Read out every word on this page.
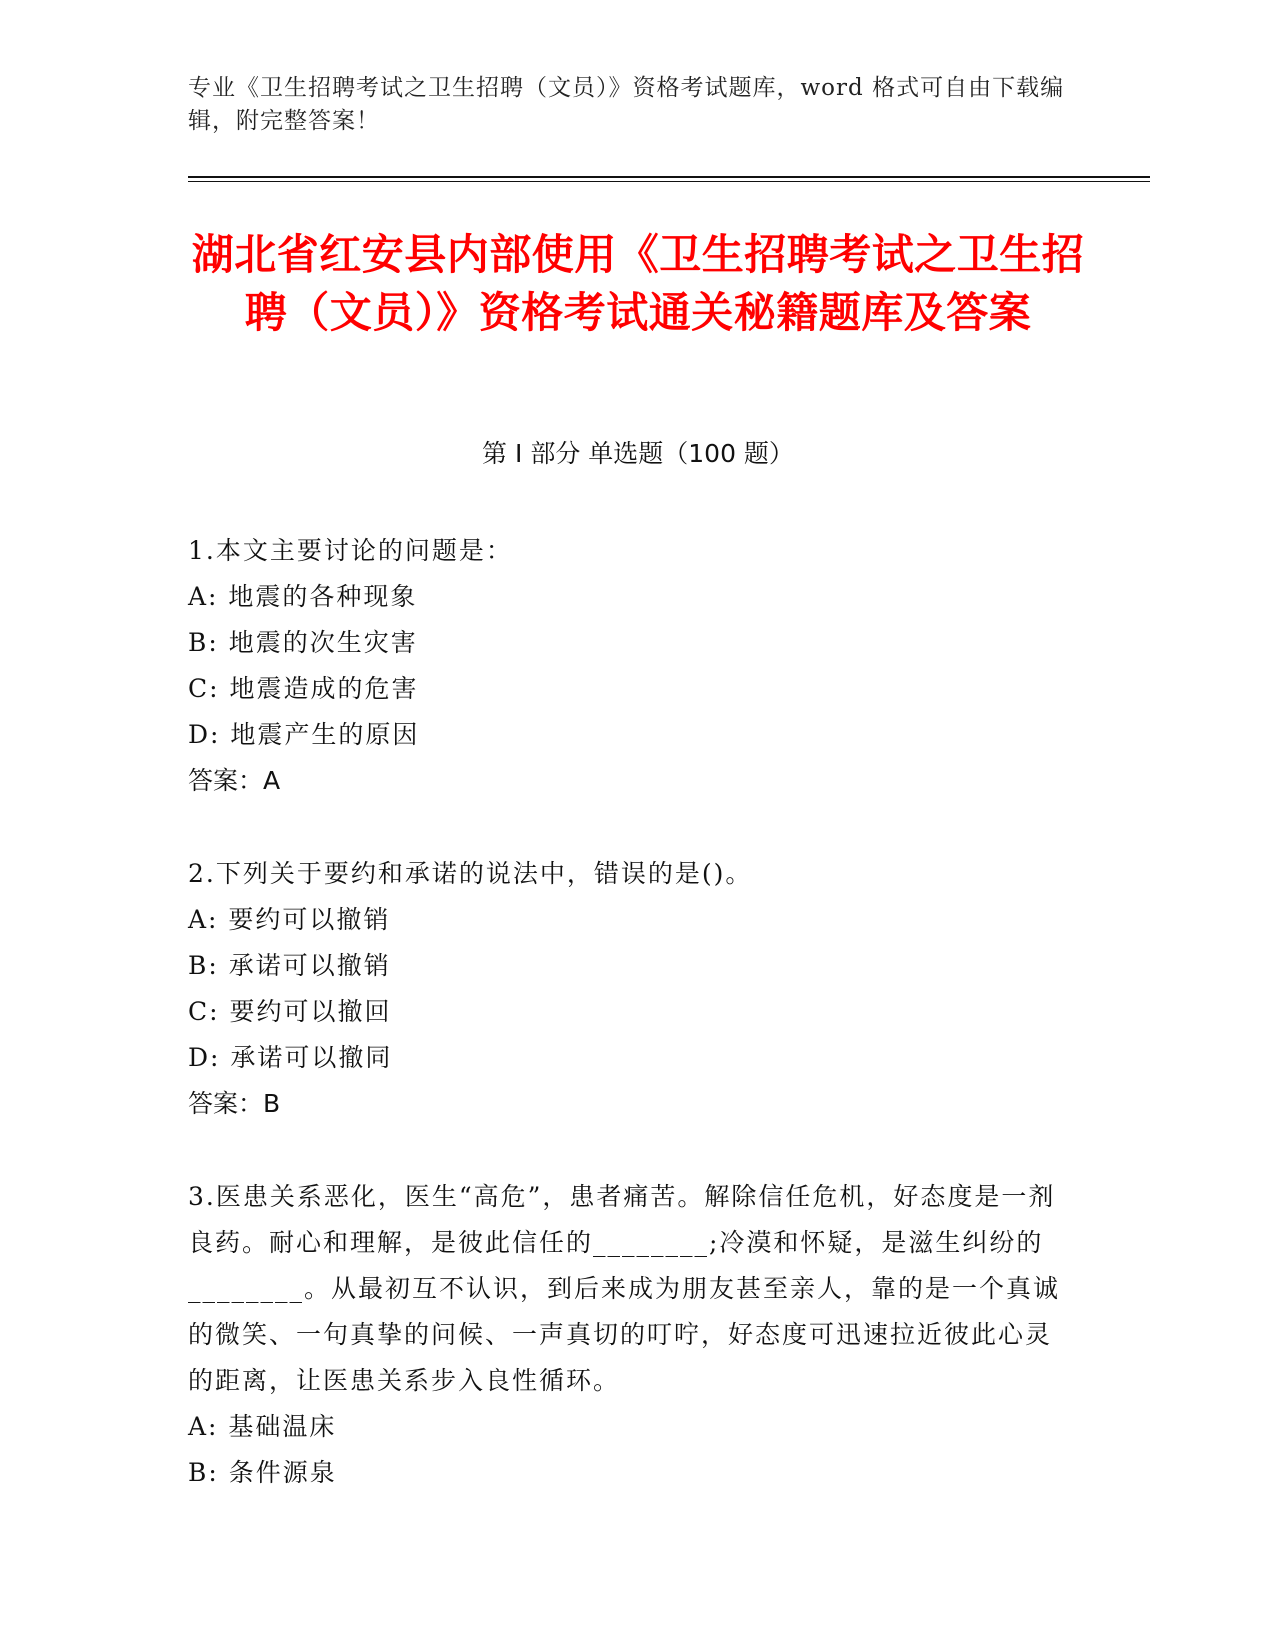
专业《卫生招聘考试之卫生招聘（文员）》资格考试题库，word 格式可自由下载编辑，附完整答案！
湖北省红安县内部使用《卫生招聘考试之卫生招聘（文员）》资格考试通关秘籍题库及答案
第 I 部分 单选题（100 题）
1.本文主要讨论的问题是：
A: 地震的各种现象
B: 地震的次生灾害
C: 地震造成的危害
D: 地震产生的原因
答案：A
2.下列关于要约和承诺的说法中，错误的是()。
A: 要约可以撤销
B: 承诺可以撤销
C: 要约可以撤回
D: 承诺可以撤同
答案：B
3.医患关系恶化，医生“高危”，患者痛苦。解除信任危机，好态度是一剂良药。耐心和理解，是彼此信任的________;冷漠和怀疑，是滋生纠纷的________。从最初互不认识，到后来成为朋友甚至亲人，靠的是一个真诚的微笑、一句真挚的问候、一声真切的叮咛，好态度可迅速拉近彼此心灵的距离，让医患关系步入良性循环。
A: 基础温床
B: 条件源泉
